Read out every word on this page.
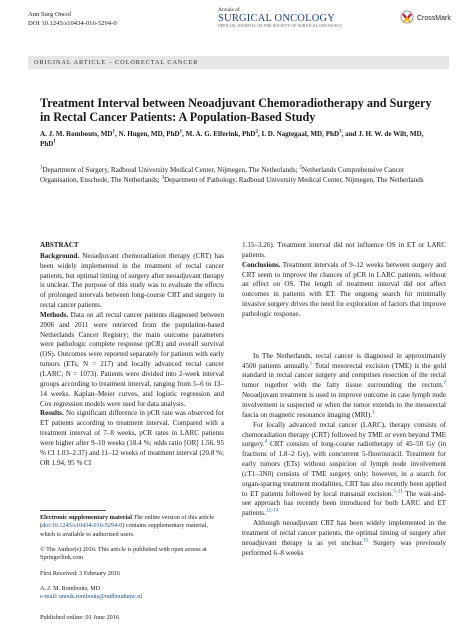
Ann Surg Oncol
DOI 10.1245/s10434-016-5294-0
Annals of
SURGICAL ONCOLOGY
OFFICIAL JOURNAL OF THE SOCIETY OF SURGICAL ONCOLOGY
CrossMark
ORIGINAL ARTICLE – COLORECTAL CANCER
Treatment Interval between Neoadjuvant Chemoradiotherapy and Surgery in Rectal Cancer Patients: A Population-Based Study
A. J. M. Rombouts, $MD^1$, N. Hugen, MD, PhD$^1$, M. A. G. Elferink, PhD$^2$, I. D. Nagtegaal, MD, PhD$^3$, and J. H. W. de Wilt, MD, PhD$^1$
$^1$Department of Surgery, Radboud University Medical Center, Nijmegen, The Netherlands; $^2$Netherlands Comprehensive Cancer Organisation, Enschede, The Netherlands; $^3$Department of Pathology, Radboud University Medical Center, Nijmegen, The Netherlands

ABSTRACT

Background. Neoadjuvant chemoradiation therapy (CRT) has been widely implemented in the treatment of rectal cancer patients, but optimal timing of surgery after neoadjuvant therapy is unclear. The purpose of this study was to evaluate the effects of prolonged intervals between long-course CRT and surgery in rectal cancer patients.

Methods. Data on all rectal cancer patients diagnosed between 2006 and 2011 were retrieved from the population-based Netherlands Cancer Registry; the main outcome parameters were pathologic complete response (pCR) and overall survival (OS). Outcomes were reported separately for patients with early tumors (ETs; N = 217) and locally advanced rectal cancer (LARC; N = 1073). Patients were divided into 2-week interval groups according to treatment interval, ranging from 5–6 to 13–14 weeks. Kaplan–Meier curves, and logistic regression and Cox regression models were used for data analysis.

Results. No significant difference in pCR rate was observed for ET patients according to treatment interval. Compared with a treatment interval of 7–8 weeks, pCR rates in LARC patients were higher after 9–10 weeks (18.4 %; odds ratio [OR] 1.56, 95 % CI 1.03–2.37) and 11–12 weeks of treatment interval (20.8 %; OR 1.94, 95 % CI

1.15–3.26). Treatment interval did not influence OS in ET or LARC patients.

Conclusions. Treatment intervals of 9–12 weeks between surgery and CRT seem to improve the chances of pCR in LARC patients, without an effect on OS. The length of treatment interval did not affect outcomes in patients with ET. The ongoing search for minimally invasive surgery drives the need for exploration of factors that improve pathologic response.

In The Netherlands, rectal cancer is diagnosed in approximately 4500 patients annually.$^1$ Total mesorectal excision (TME) is the gold standard in rectal cancer surgery and comprises resection of the rectal tumor together with the fatty tissue surrounding the rectum.$^2$ Neoadjuvant treatment is used to improve outcome in case lymph node involvement is suspected or when the tumor extends to the mesorectal fascia on magnetic resonance imaging (MRI).$^3$

For locally advanced rectal cancer (LARC), therapy consists of chemoradiation therapy (CRT) followed by TME or even beyond TME surgery.$^4$ CRT consists of long-course radiotherapy of 45–50 Gy (in fractions of 1.8–2 Gy), with concurrent 5-fluorouracil. Treatment for early tumors (ETs) without suspicion of lymph node involvement (cT1–3N0) consists of TME surgery only; however, in a search for organ-sparing treatment modalities, CRT has also recently been applied to ET patients followed by local transanal excision.$^{5-11}$ The wait-and-see approach has recently been introduced for both LARC and ET patients.$^{12-14}$

Although neoadjuvant CRT has been widely implemented in the treatment of rectal cancer patients, the optimal timing of surgery after neoadjuvant therapy is as yet unclear.$^{15}$ Surgery was previously performed 6–8 weeks

Electronic supplementary material The online version of this article (doi:10.1245/s10434-016-5294-0) contains supplementary material, which is available to authorized users.
© The Author(s) 2016. This article is published with open access at Springerlink.com
First Received: 3 February 2016
A. J. M. Rombouts, MD
e-mail: anouk.rombouts@radboudumc.nl
Published online: 01 June 2016
